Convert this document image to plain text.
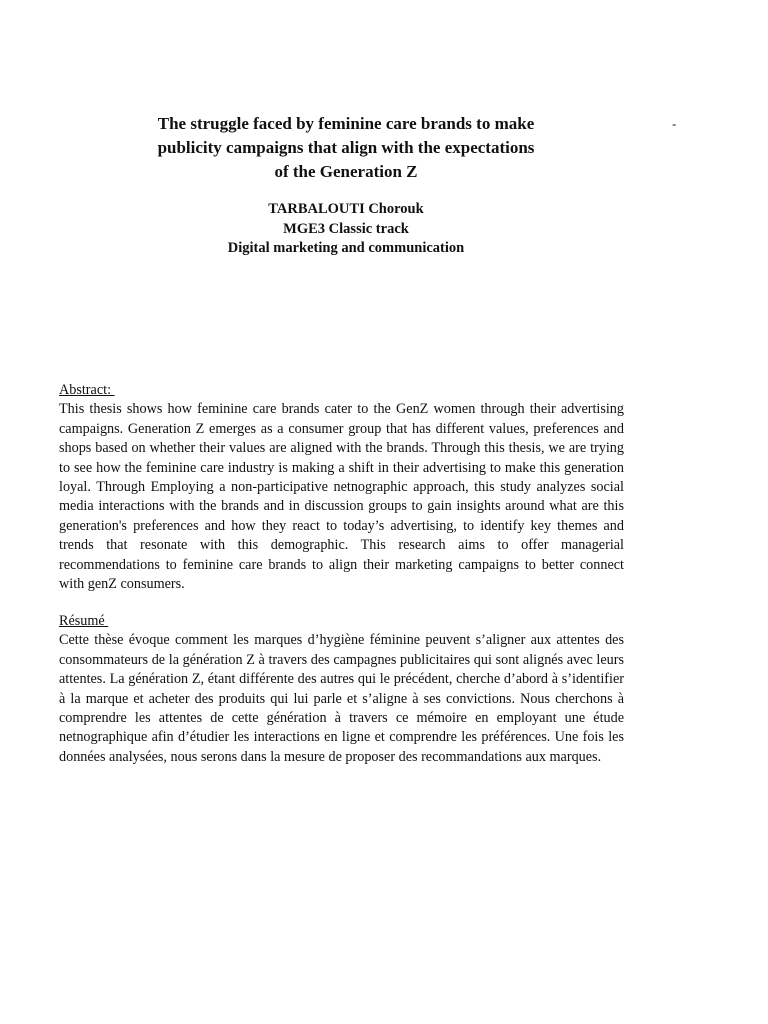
The struggle faced by feminine care brands to make
publicity campaigns that align with the expectations
of the Generation Z
-
TARBALOUTI Chorouk
MGE3 Classic track
Digital marketing and communication
Abstract:
This thesis shows how feminine care brands cater to the GenZ women through their advertising campaigns. Generation Z emerges as a consumer group that has different values, preferences and shops based on whether their values are aligned with the brands. Through this thesis, we are trying to see how the feminine care industry is making a shift in their advertising to make this generation loyal. Through Employing a non-participative netnographic approach, this study analyzes social media interactions with the brands and in discussion groups to gain insights around what are this generation's preferences and how they react to today’s advertising, to identify key themes and trends that resonate with this demographic. This research aims to offer managerial recommendations to feminine care brands to align their marketing campaigns to better connect with genZ consumers.
Résumé
Cette thèse évoque comment les marques d’hygiène féminine peuvent s’aligner aux attentes des consommateurs de la génération Z à travers des campagnes publicitaires qui sont alignés avec leurs attentes. La génération Z, étant différente des autres qui le précédent, cherche d’abord à s’identifier à la marque et acheter des produits qui lui parle et s’aligne à ses convictions. Nous cherchons à comprendre les attentes de cette génération à travers ce mémoire en employant une étude netnographique afin d’étudier les interactions en ligne et comprendre les préférences. Une fois les données analysées, nous serons dans la mesure de proposer des recommandations aux marques.
